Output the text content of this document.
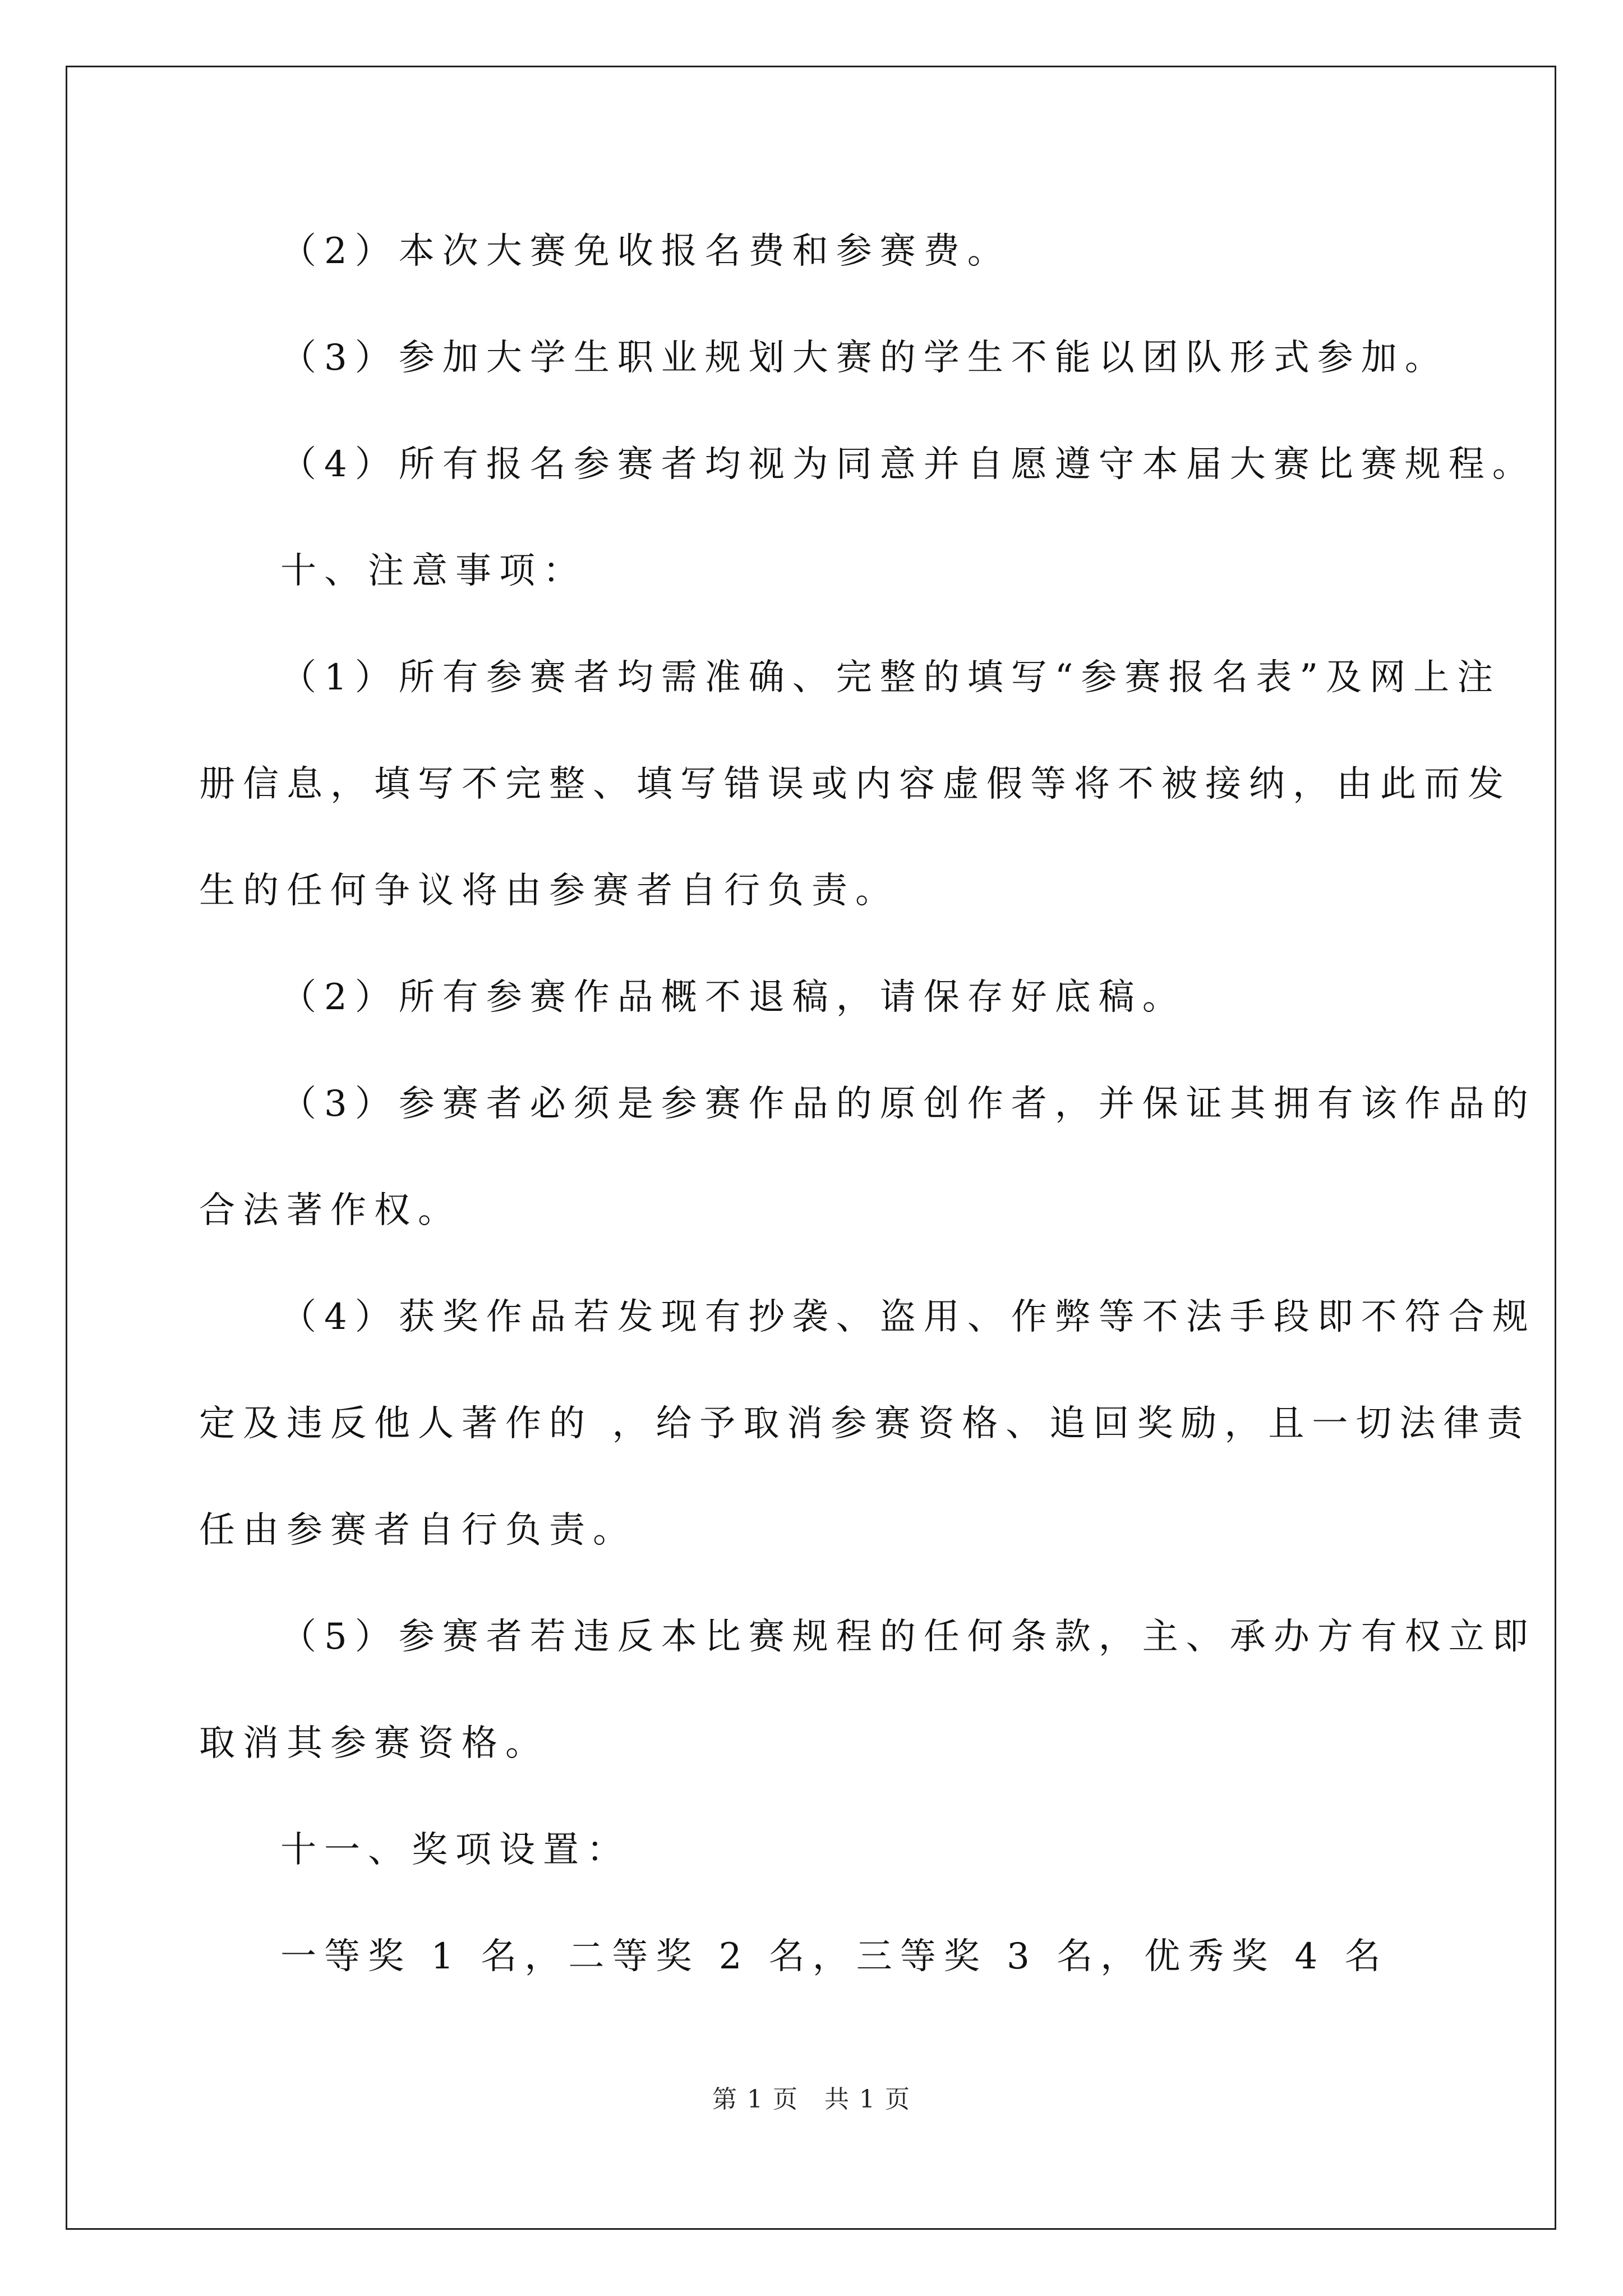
（2）本次大赛免收报名费和参赛费。
（3）参加大学生职业规划大赛的学生不能以团队形式参加。
（4）所有报名参赛者均视为同意并自愿遵守本届大赛比赛规程。
十、注意事项：
（1）所有参赛者均需准确、完整的填写“参赛报名表”及网上注
册信息，填写不完整、填写错误或内容虚假等将不被接纳，由此而发
生的任何争议将由参赛者自行负责。
（2）所有参赛作品概不退稿，请保存好底稿。
（3）参赛者必须是参赛作品的原创作者，并保证其拥有该作品的
合法著作权。
（4）获奖作品若发现有抄袭、盗用、作弊等不法手段即不符合规
定及违反他人著作的 ，给予取消参赛资格、追回奖励，且一切法律责
任由参赛者自行负责。
（5）参赛者若违反本比赛规程的任何条款，主、承办方有权立即
取消其参赛资格。
十一、奖项设置：
一等奖 1 名，二等奖 2 名，三等奖 3 名，优秀奖 4 名
第 1 页　共 1 页
